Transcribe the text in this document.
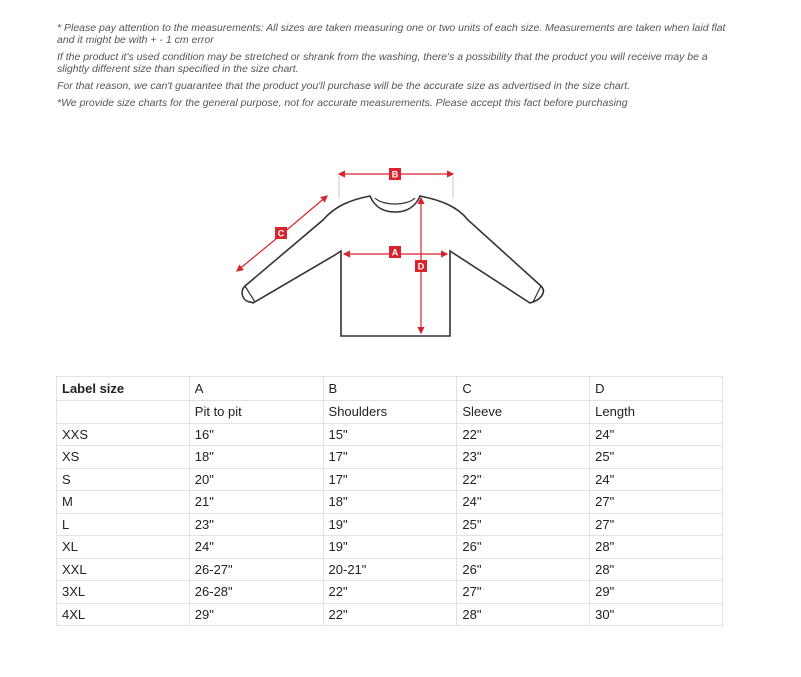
* Please pay attention to the measurements: All sizes are taken measuring one or two units of each size. Measurements are taken when laid flat and it might be with + - 1 cm error

If the product it's used condition may be stretched or shrank from the washing, there's a possibility that the product you will receive may be a slightly different size than specified in the size chart.

For that reason, we can't guarantee that the product you'll purchase will be the accurate size as advertised in the size chart.

*We provide size charts for the general purpose, not for accurate measurements. Please accept this fact before purchasing

B
C
A
D
Label size	A	B	C	D
	Pit to pit	Shoulders	Sleeve	Length
XXS	16"	15"	22"	24"
XS	18"	17"	23"	25"
S	20"	17"	22"	24"
M	21"	18"	24"	27"
L	23"	19"	25"	27"
XL	24"	19"	26"	28"
XXL	26-27"	20-21"	26"	28"
3XL	26-28"	22"	27"	29"
4XL	29"	22"	28"	30"
